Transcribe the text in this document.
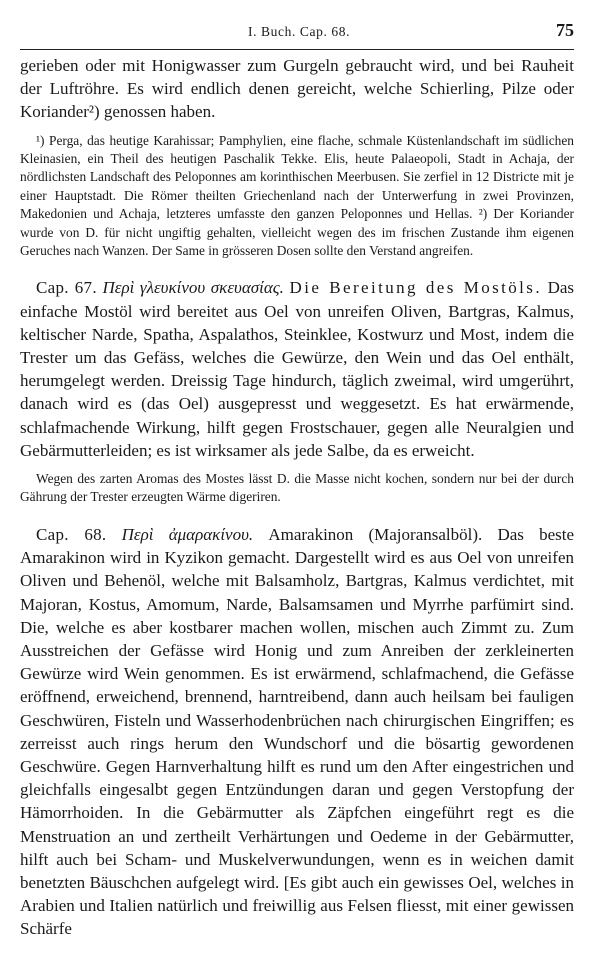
I. Buch. Cap. 68.	75

gerieben oder mit Honigwasser zum Gurgeln gebraucht wird, und bei Rauheit der Luftröhre. Es wird endlich denen gereicht, welche Schierling, Pilze oder Koriander²) genossen haben.

¹) Perga, das heutige Karahissar; Pamphylien, eine flache, schmale Küstenlandschaft im südlichen Kleinasien, ein Theil des heutigen Paschalik Tekke. Elis, heute Palaeopoli, Stadt in Achaja, der nördlichsten Landschaft des Peloponnes am korinthischen Meerbusen. Sie zerfiel in 12 Districte mit je einer Hauptstadt. Die Römer theilten Griechenland nach der Unterwerfung in zwei Provinzen, Makedonien und Achaja, letzteres umfasste den ganzen Peloponnes und Hellas. ²) Der Koriander wurde von D. für nicht ungiftig gehalten, vielleicht wegen des im frischen Zustande ihm eigenen Geruches nach Wanzen. Der Same in grösseren Dosen sollte den Verstand angreifen.

Cap. 67. Περὶ γλευκίνου σκευασίας. Die Bereitung des Mostöls. Das einfache Mostöl wird bereitet aus Oel von unreifen Oliven, Bartgras, Kalmus, keltischer Narde, Spatha, Aspalathos, Steinklee, Kostwurz und Most, indem die Trester um das Gefäss, welches die Gewürze, den Wein und das Oel enthält, herumgelegt werden. Dreissig Tage hindurch, täglich zweimal, wird umgerührt, danach wird es (das Oel) ausgepresst und weggesetzt. Es hat erwärmende, schlafmachende Wirkung, hilft gegen Frostschauer, gegen alle Neuralgien und Gebärmutterleiden; es ist wirksamer als jede Salbe, da es erweicht.

Wegen des zarten Aromas des Mostes lässt D. die Masse nicht kochen, sondern nur bei der durch Gährung der Trester erzeugten Wärme digeriren.

Cap. 68. Περὶ ἀμαρακίνου. Amarakinon (Majoransalböl). Das beste Amarakinon wird in Kyzikon gemacht. Dargestellt wird es aus Oel von unreifen Oliven und Behenöl, welche mit Balsamholz, Bartgras, Kalmus verdichtet, mit Majoran, Kostus, Amomum, Narde, Balsamsamen und Myrrhe parfümirt sind. Die, welche es aber kostbarer machen wollen, mischen auch Zimmt zu. Zum Ausstreichen der Gefässe wird Honig und zum Anreiben der zerkleinerten Gewürze wird Wein genommen. Es ist erwärmend, schlafmachend, die Gefässe eröffnend, erweichend, brennend, harntreibend, dann auch heilsam bei fauligen Geschwüren, Fisteln und Wasserhodenbrüchen nach chirurgischen Eingriffen; es zerreisst auch rings herum den Wundschorf und die bösartig gewordenen Geschwüre. Gegen Harnverhaltung hilft es rund um den After eingestrichen und gleichfalls eingesalbt gegen Entzündungen daran und gegen Verstopfung der Hämorrhoiden. In die Gebärmutter als Zäpfchen eingeführt regt es die Menstruation an und zertheilt Verhärtungen und Oedeme in der Gebärmutter, hilft auch bei Scham- und Muskelverwundungen, wenn es in weichen damit benetzten Bäuschchen aufgelegt wird. [Es gibt auch ein gewisses Oel, welches in Arabien und Italien natürlich und freiwillig aus Felsen fliesst, mit einer gewissen Schärfe
